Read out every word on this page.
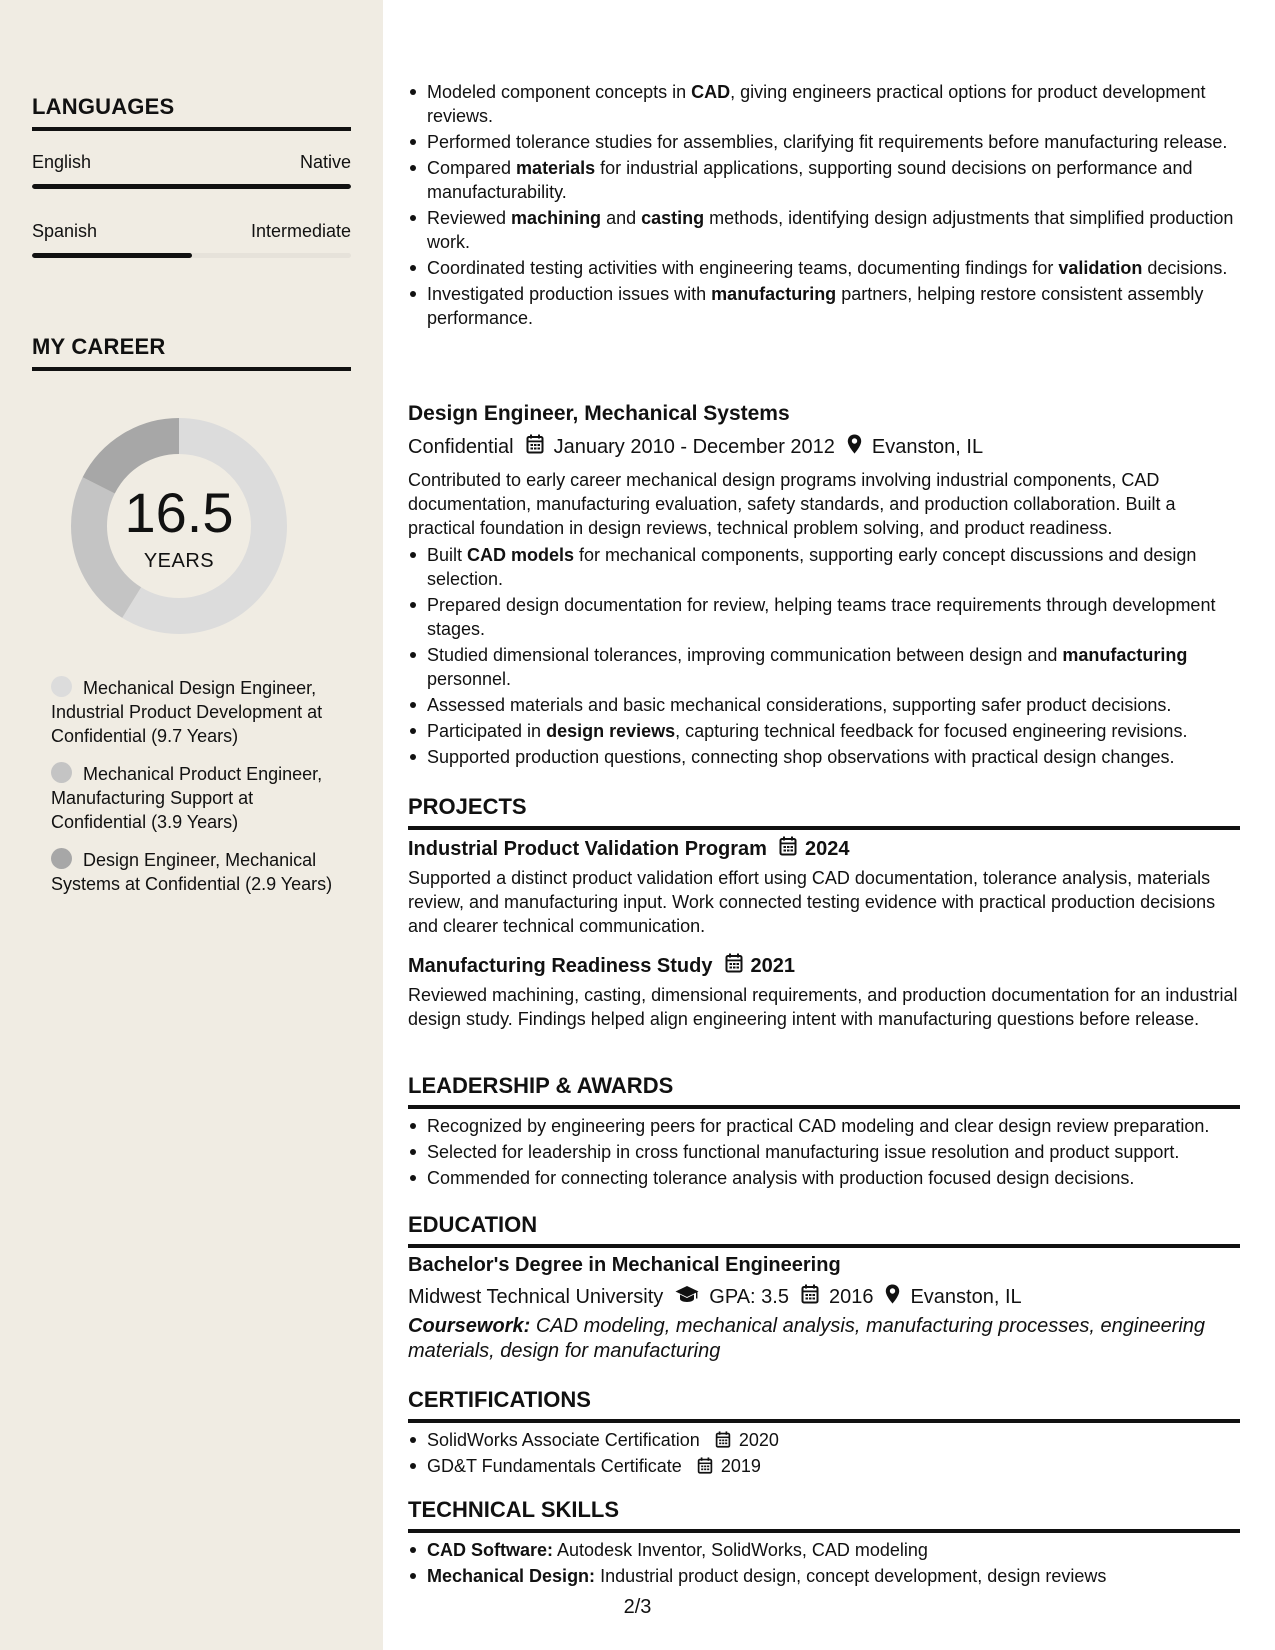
LANGUAGES
English	Native
Spanish	Intermediate
MY CAREER
16.5
YEARS
Mechanical Design Engineer, Industrial Product Development at Confidential (9.7 Years)
Mechanical Product Engineer, Manufacturing Support at Confidential (3.9 Years)
Design Engineer, Mechanical Systems at Confidential (2.9 Years)
Modeled component concepts in CAD, giving engineers practical options for product development reviews.
Performed tolerance studies for assemblies, clarifying fit requirements before manufacturing release.
Compared materials for industrial applications, supporting sound decisions on performance and manufacturability.
Reviewed machining and casting methods, identifying design adjustments that simplified production work.
Coordinated testing activities with engineering teams, documenting findings for validation decisions.
Investigated production issues with manufacturing partners, helping restore consistent assembly performance.
Design Engineer, Mechanical Systems
Confidential January 2010 - December 2012 Evanston, IL
Contributed to early career mechanical design programs involving industrial components, CAD documentation, manufacturing evaluation, safety standards, and production collaboration. Built a practical foundation in design reviews, technical problem solving, and product readiness.
Built CAD models for mechanical components, supporting early concept discussions and design selection.
Prepared design documentation for review, helping teams trace requirements through development stages.
Studied dimensional tolerances, improving communication between design and manufacturing personnel.
Assessed materials and basic mechanical considerations, supporting safer product decisions.
Participated in design reviews, capturing technical feedback for focused engineering revisions.
Supported production questions, connecting shop observations with practical design changes.
PROJECTS
Industrial Product Validation Program 2024
Supported a distinct product validation effort using CAD documentation, tolerance analysis, materials review, and manufacturing input. Work connected testing evidence with practical production decisions and clearer technical communication.
Manufacturing Readiness Study 2021
Reviewed machining, casting, dimensional requirements, and production documentation for an industrial design study. Findings helped align engineering intent with manufacturing questions before release.
LEADERSHIP & AWARDS
Recognized by engineering peers for practical CAD modeling and clear design review preparation.
Selected for leadership in cross functional manufacturing issue resolution and product support.
Commended for connecting tolerance analysis with production focused design decisions.
EDUCATION
Bachelor's Degree in Mechanical Engineering
Midwest Technical University GPA: 3.5 2016 Evanston, IL
Coursework: CAD modeling, mechanical analysis, manufacturing processes, engineering materials, design for manufacturing
CERTIFICATIONS
SolidWorks Associate Certification 2020
GD&T Fundamentals Certificate 2019
TECHNICAL SKILLS
CAD Software: Autodesk Inventor, SolidWorks, CAD modeling
Mechanical Design: Industrial product design, concept development, design reviews
2/3
